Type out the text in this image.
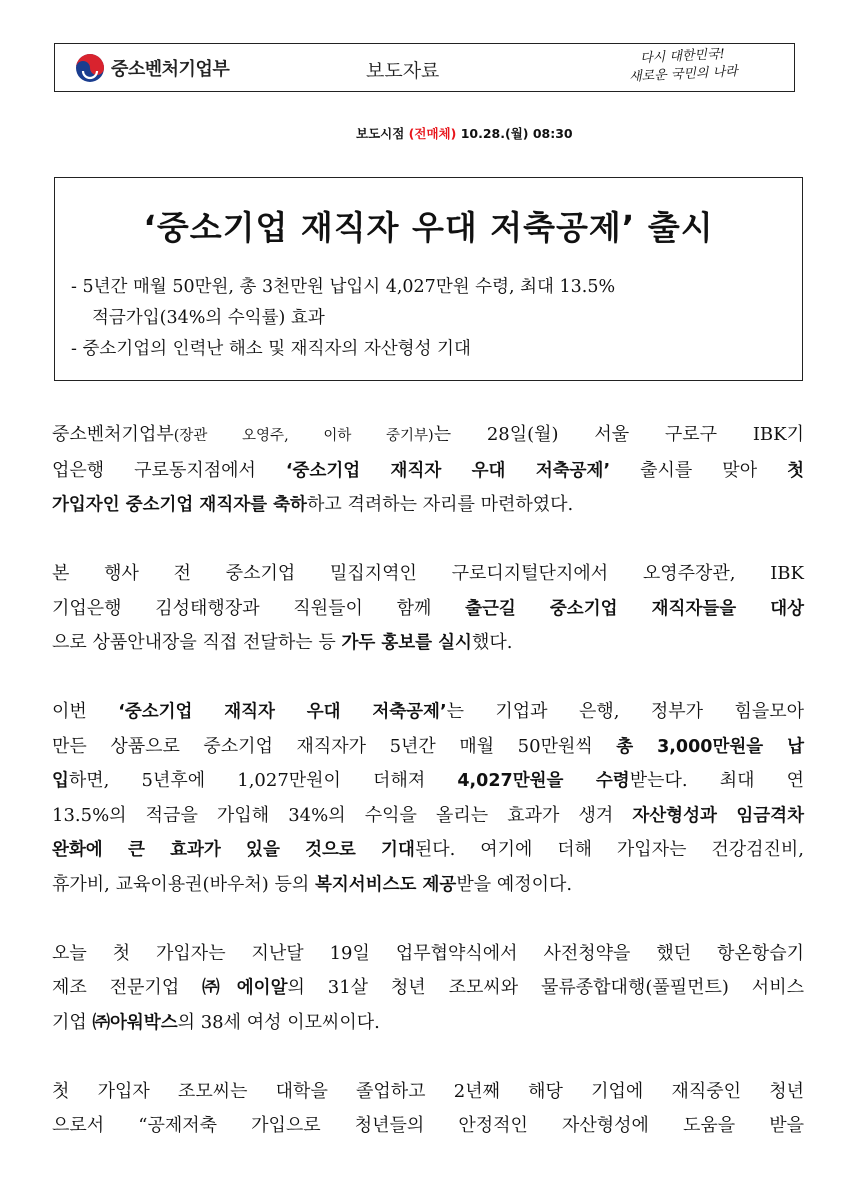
중소벤처기업부	보도자료
다시 대한민국!
새로운 국민의 나라
보도시점 (전매체) 10.28.(월) 08:30
‘중소기업 재직자 우대 저축공제’ 출시
- 5년간 매월 50만원, 총 3천만원 납입시 4,027만원 수령, 최대 13.5%
적금가입(34%의 수익률) 효과
- 중소기업의 인력난 해소 및 재직자의 자산형성 기대
중소벤처기업부(장관 오영주, 이하 중기부)는 28일(월) 서울 구로구 IBK기
업은행 구로동지점에서 ‘중소기업 재직자 우대 저축공제’ 출시를 맞아 첫
가입자인 중소기업 재직자를 축하하고 격려하는 자리를 마련하였다.
본 행사 전 중소기업 밀집지역인 구로디지털단지에서 오영주장관, IBK
기업은행 김성태행장과 직원들이 함께 출근길 중소기업 재직자들을 대상
으로 상품안내장을 직접 전달하는 등 가두 홍보를 실시했다.
이번 ‘중소기업 재직자 우대 저축공제’는 기업과 은행, 정부가 힘을모아
만든 상품으로 중소기업 재직자가 5년간 매월 50만원씩 총 3,000만원을 납
입하면, 5년후에 1,027만원이 더해져 4,027만원을 수령받는다. 최대 연
13.5%의 적금을 가입해 34%의 수익을 올리는 효과가 생겨 자산형성과 임금격차
완화에 큰 효과가 있을 것으로 기대된다. 여기에 더해 가입자는 건강검진비,
휴가비, 교육이용권(바우처) 등의 복지서비스도 제공받을 예정이다.
오늘 첫 가입자는 지난달 19일 업무협약식에서 사전청약을 했던 항온항습기
제조 전문기업 ㈜에이알의 31살 청년 조모씨와 물류종합대행(풀필먼트) 서비스
기업 ㈜아워박스의 38세 여성 이모씨이다.
첫 가입자 조모씨는 대학을 졸업하고 2년째 해당 기업에 재직중인 청년
으로서 “공제저축 가입으로 청년들의 안정적인 자산형성에 도움을 받을
